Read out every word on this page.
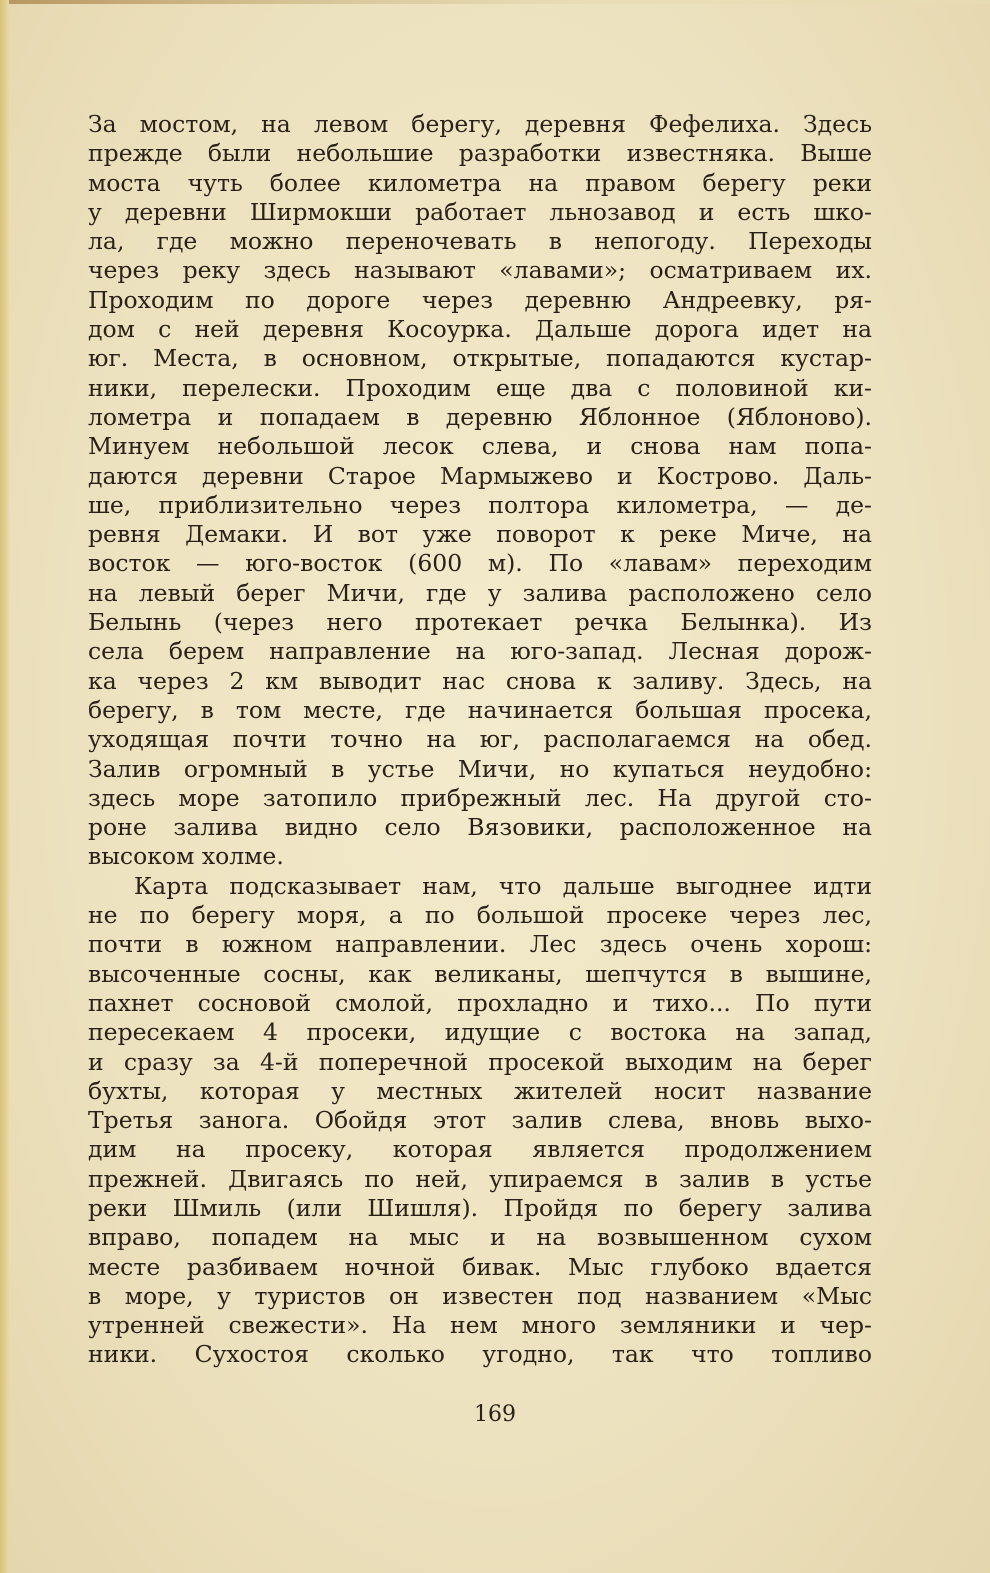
За мостом, на левом берегу, деревня Фефелиха. Здесь
прежде были небольшие разработки известняка. Выше
моста чуть более километра на правом берегу реки
у деревни Ширмокши работает льнозавод и есть шко-
ла, где можно переночевать в непогоду. Переходы
через реку здесь называют «лавами»; осматриваем их.
Проходим по дороге через деревню Андреевку, ря-
дом с ней деревня Косоурка. Дальше дорога идет на
юг. Места, в основном, открытые, попадаются кустар-
ники, перелески. Проходим еще два с половиной ки-
лометра и попадаем в деревню Яблонное (Яблоново).
Минуем небольшой лесок слева, и снова нам попа-
даются деревни Старое Мармыжево и Кострово. Даль-
ше, приблизительно через полтора километра, — де-
ревня Демаки. И вот уже поворот к реке Миче, на
восток — юго-восток (600 м). По «лавам» переходим
на левый берег Мичи, где у залива расположено село
Белынь (через него протекает речка Белынка). Из
села берем направление на юго-запад. Лесная дорож-
ка через 2 км выводит нас снова к заливу. Здесь, на
берегу, в том месте, где начинается большая просека,
уходящая почти точно на юг, располагаемся на обед.
Залив огромный в устье Мичи, но купаться неудобно:
здесь море затопило прибрежный лес. На другой сто-
роне залива видно село Вязовики, расположенное на
высоком холме.
Карта подсказывает нам, что дальше выгоднее идти
не по берегу моря, а по большой просеке через лес,
почти в южном направлении. Лес здесь очень хорош:
высоченные сосны, как великаны, шепчутся в вышине,
пахнет сосновой смолой, прохладно и тихо... По пути
пересекаем 4 просеки, идущие с востока на запад,
и сразу за 4-й поперечной просекой выходим на берег
бухты, которая у местных жителей носит название
Третья занога. Обойдя этот залив слева, вновь выхо-
дим на просеку, которая является продолжением
прежней. Двигаясь по ней, упираемся в залив в устье
реки Шмиль (или Шишля). Пройдя по берегу залива
вправо, попадем на мыс и на возвышенном сухом
месте разбиваем ночной бивак. Мыс глубоко вдается
в море, у туристов он известен под названием «Мыс
утренней свежести». На нем много земляники и чер-
ники. Сухостоя сколько угодно, так что топливо
169
